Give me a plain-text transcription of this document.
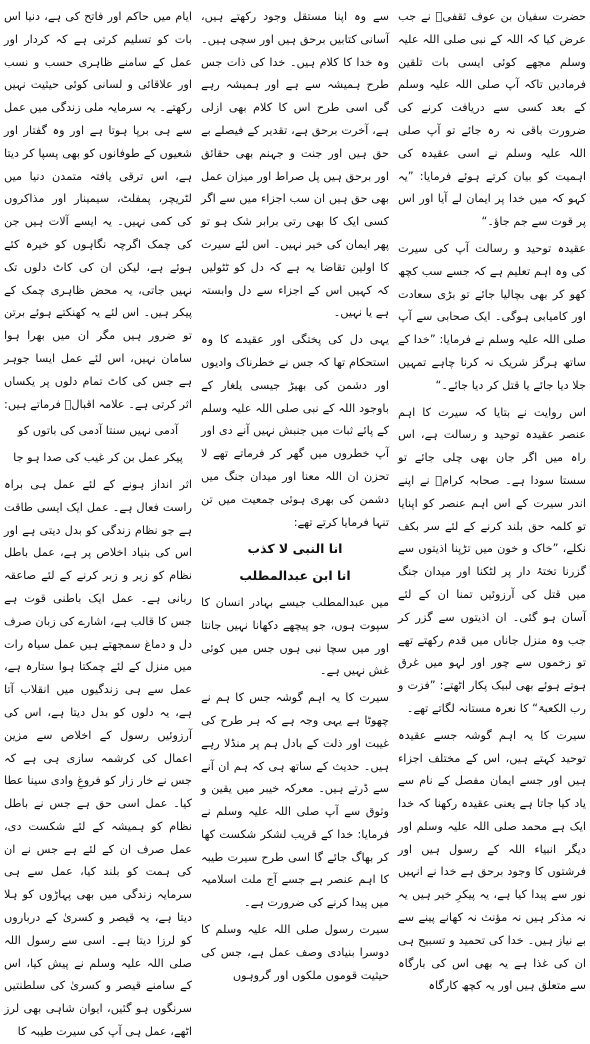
حضرت سفیان بن عوف ثقفیؓ نے جب عرض کیا کہ اللہ کے نبی صلی اللہ علیہ وسلم مجھے کوئی ایسی بات تلقین فرمادیں تاکہ آپ صلی اللہ علیہ وسلم کے بعد کسی سے دریافت کرنے کی ضرورت باقی نہ رہ جائے تو آپ صلی اللہ علیہ وسلم نے اسی عقیدہ کی اہمیت کو بیان کرتے ہوئے فرمایا: ”یہ کہو کہ میں خدا پر ایمان لے آیا اور اس پر قوت سے جم جاؤ۔“

عقیدہ توحید و رسالت آپ کی سیرت کی وہ اہم تعلیم ہے کہ جسے سب کچھ کھو کر بھی بچالیا جائے تو بڑی سعادت اور کامیابی ہوگی۔ ایک صحابی سے آپ صلی اللہ علیہ وسلم نے فرمایا: ”خدا کے ساتھ ہرگز شریک نہ کرنا چاہے تمہیں جلا دیا جائے یا قتل کر دیا جائے۔“

اس روایت نے بتایا کہ سیرت کا اہم عنصر عقیدہ توحید و رسالت ہے، اس راہ میں اگر جان بھی چلی جائے تو سستا سودا ہے۔ صحابہ کرامؓ نے اپنے اندر سیرت کے اس اہم عنصر کو اپنایا تو کلمہ حق بلند کرنے کے لئے سر بکف نکلے، ”خاک و خون میں تڑپنا اذیتوں سے گزرنا تختۂ دار پر لٹکنا اور میدان جنگ میں قتل کی آرزوئیں تمنا ان کے لئے آسان ہو گئی۔ ان اذیتوں سے گزر کر جب وہ منزل جاناں میں قدم رکھتے تھے تو زخموں سے چور اور لہو میں غرق ہوتے ہوئے بھی لبیک پکار اٹھتے: ”فزت و رب الکعبۃ“ کا نعرہ مستانہ لگاتے تھے۔

سیرت کا یہ اہم گوشہ جسے عقیدہ توحید کہتے ہیں، اس کے مختلف اجزاء ہیں اور جسے ایمان مفصل کے نام سے یاد کیا جاتا ہے یعنی عقیدہ رکھنا کہ خدا ایک ہے محمد صلی اللہ علیہ وسلم اور دیگر انبیاء اللہ کے رسول ہیں اور فرشتوں کا وجود برحق ہے خدا نے انہیں نور سے پیدا کیا ہے، یہ پیکرِ خیر ہیں یہ نہ مذکر ہیں نہ مؤنث نہ کھانے پینے سے بے نیاز ہیں۔ خدا کی تحمید و تسبیح ہی ان کی غذا ہے یہ بھی اس کی بارگاہ سے متعلق ہیں اور یہ کچھ کارگاہ

سے وہ اپنا مستقل وجود رکھتے ہیں، آسانی کتابیں برحق ہیں اور سچی ہیں۔ وہ خدا کا کلام ہیں۔ خدا کی ذات جس طرح ہمیشہ سے ہے اور ہمیشہ رہے گی اسی طرح اس کا کلام بھی ازلی ہے، آخرت برحق ہے، تقدیر کے فیصلے بے حق ہیں اور جنت و جہنم بھی حقائق اور برحق ہیں پل صراط اور میزان عمل بھی حق ہیں ان سب اجزاء میں سے اگر کسی ایک کا بھی رتی برابر شک ہو تو پھر ایمان کی خیر نہیں۔ اس لئے سیرت کا اولین تقاضا یہ ہے کہ دل کو ٹٹولیں کہ کہیں اس کے اجزاء سے دل وابستہ ہے یا نہیں۔

یہی دل کی پختگی اور عقیدے کا وہ استحکام تھا کہ جس نے خطرناک وادیوں اور دشمن کی بھیڑ جیسی یلغار کے باوجود اللہ کے نبی صلی اللہ علیہ وسلم کے پائے ثبات میں جنبش نہیں آنے دی اور آپ خطروں میں گھر کر فرماتے تھے لا تحزن ان اللہ معنا اور میدان جنگ میں دشمن کی بھری ہوئی جمعیت میں تن تنہا فرمایا کرتے تھے:

انا النبی لا کذب

انا ابن عبدالمطلب

میں عبدالمطلب جیسے بہادر انسان کا سپوت ہوں، جو پیچھے دکھانا نہیں جانتا اور میں سچا نبی ہوں جس میں کوئی غش نہیں ہے۔

سیرت کا یہ اہم گوشہ جس کا ہم نے چھوٹا ہے یہی وجہ ہے کہ ہر طرح کی غیبت اور ذلت کے بادل ہم پر منڈلا رہے ہیں۔ حدیث کے ساتھ ہی کہ ہم ان آنے سے ڈرتے ہیں۔ معرکہ خیبر میں یقین و وثوق سے آپ صلی اللہ علیہ وسلم نے فرمایا: خدا کے قریب لشکر شکست کھا کر بھاگ جائے گا اسی طرح سیرت طیبہ کا اہم عنصر ہے جسے آج ملت اسلامیہ میں پیدا کرنے کی ضرورت ہے۔

سیرت رسول صلی اللہ علیہ وسلم کا دوسرا بنیادی وصف عمل ہے، جس کی حیثیت قوموں ملکوں اور گروہوں

ایام میں حاکم اور فاتح کی ہے، دنیا اس بات کو تسلیم کرتی ہے کہ کردار اور عمل کے سامنے ظاہری حسب و نسب اور علاقائی و لسانی کوئی حیثیت نہیں رکھتے۔ یہ سرمایہ ملی زندگی میں عمل سے ہی برپا ہوتا ہے اور وہ گفتار اور شعیوں کے طوفانوں کو بھی پسپا کر دیتا ہے، اس ترقی یافتہ متمدن دنیا میں لٹریچر، پمفلٹ، سیمینار اور مذاکروں کی کمی نہیں۔ یہ ایسے آلات ہیں جن کی چمک اگرچہ نگاہوں کو خیرہ کئے ہوئے ہے، لیکن ان کی کاٹ دلوں تک نہیں جاتی، یہ محض ظاہری چمک کے پیکر ہیں۔ اس لئے یہ کھنکتے ہوئے برتن تو ضرور ہیں مگر ان میں بھرا ہوا سامان نہیں، اس لئے عمل ایسا جوہر ہے جس کی کاٹ تمام دلوں پر یکساں اثر کرتی ہے۔ علامہ اقبالؒ فرماتے ہیں:

آدمی نہیں سنتا آدمی کی باتوں کو

پیکر عمل بن کر غیب کی صدا ہو جا

اثر انداز ہونے کے لئے عمل ہی براہ راست فعال ہے۔ عمل ایک ایسی طاقت ہے جو نظام زندگی کو بدل دیتی ہے اور اس کی بنیاد اخلاص پر ہے، عمل باطل نظام کو زیر و زبر کرنے کے لئے صاعقہ ربانی ہے۔ عمل ایک باطنی قوت ہے جس کا قالب ہے، اشارے کی زبان صرف دل و دماغ سمجھتے ہیں عمل سیاہ رات میں منزل کے لئے چمکتا ہوا ستارہ ہے، عمل سے ہی زندگیوں میں انقلاب آتا ہے، یہ دلوں کو بدل دیتا ہے، اس کی آرزوئیں رسول کے اخلاص سے مزین اعمال کی کرشمہ سازی ہی ہے کہ جس نے خار زار کو فروغِ وادی سینا عطا کیا۔ عمل اسی حق ہے جس نے باطل نظام کو ہمیشہ کے لئے شکست دی، عمل صرف ان کے لئے ہے جس نے ان کی ہمت کو بلند کیا، عمل سے ہی سرمایہ زندگی میں بھی پہاڑوں کو ہلا دیتا ہے، یہ قیصر و کسریٰ کے درباروں کو لرزا دیتا ہے۔ اسی سے رسول اللہ صلی اللہ علیہ وسلم نے پیش کیا، اس کے سامنے قیصر و کسریٰ کی سلطنتیں سرنگوں ہو گئیں، ایوان شاہی بھی لرز اٹھے، عمل ہی آپ کی سیرت طیبہ کا
